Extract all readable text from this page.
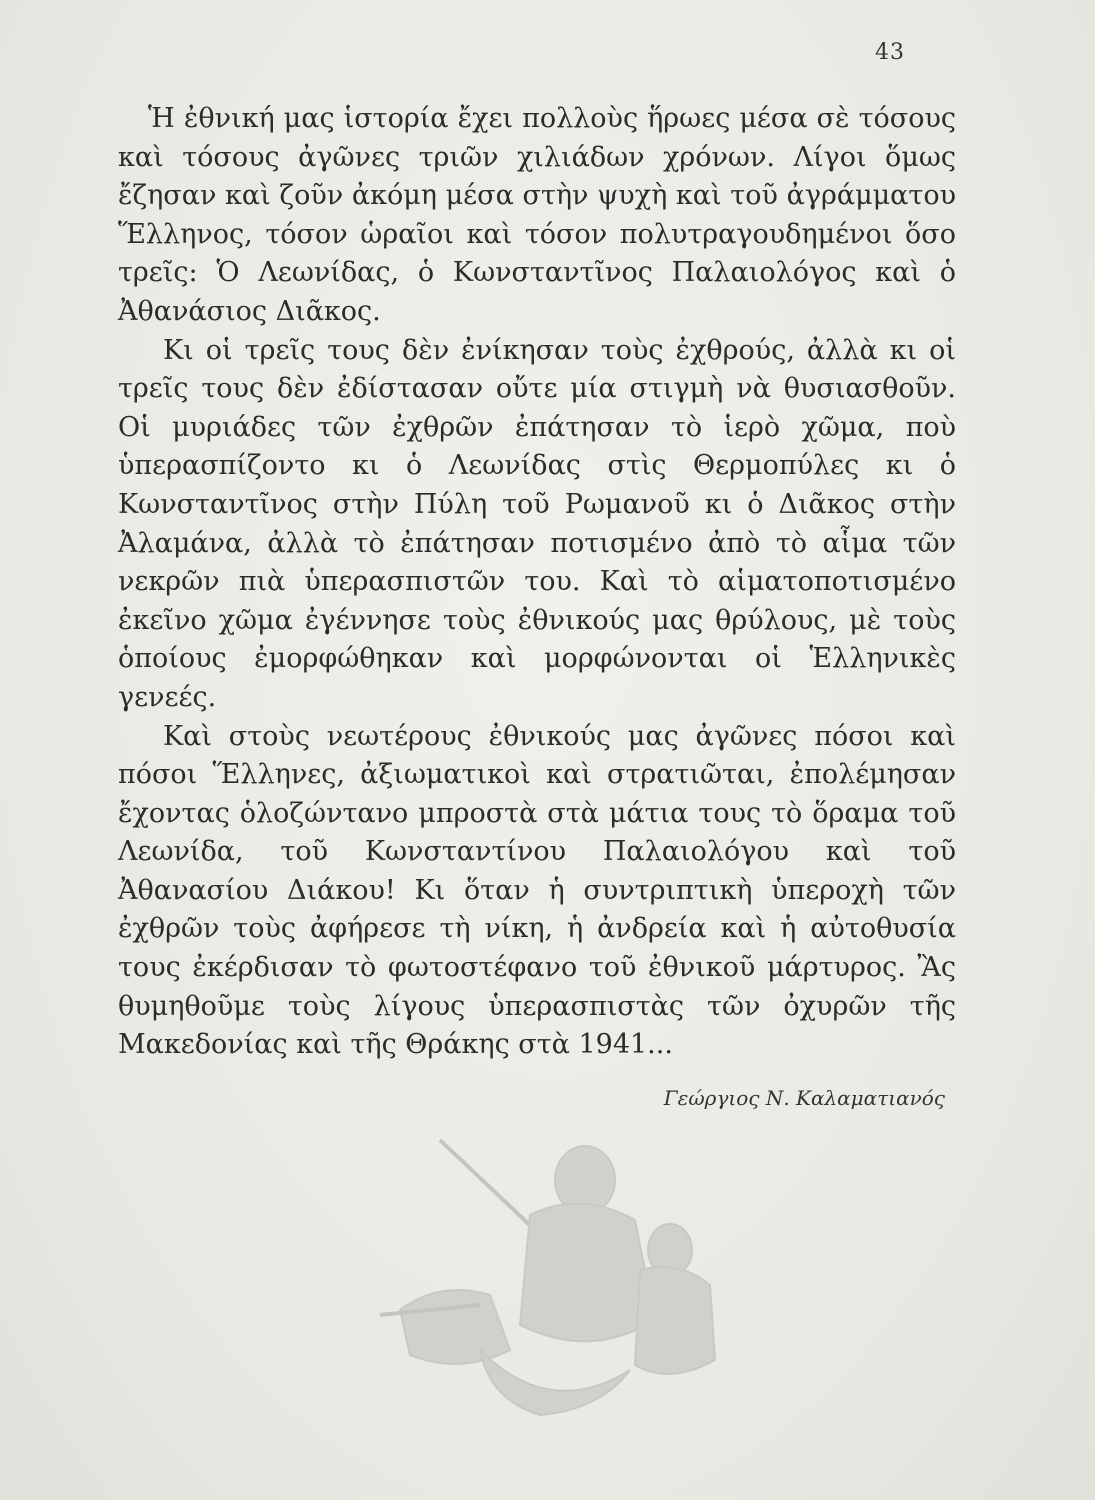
43

Ἡ ἐθνική μας ἱστορία ἔχει πολλοὺς ἥρωες μέσα σὲ τόσους καὶ τόσους ἀγῶνες τριῶν χιλιάδων χρόνων. Λίγοι ὅμως ἔζησαν καὶ ζοῦν ἀκόμη μέσα στὴν ψυχὴ καὶ τοῦ ἀγράμματου Ἕλληνος, τόσον ὡραῖοι καὶ τόσον πολυτραγουδημένοι ὅσο τρεῖς: Ὁ Λεωνίδας, ὁ Κωνσταντῖνος Παλαιολόγος καὶ ὁ Ἀθανάσιος Διᾶκος.

Κι οἱ τρεῖς τους δὲν ἐνίκησαν τοὺς ἐχθρούς, ἀλλὰ κι οἱ τρεῖς τους δὲν ἐδίστασαν οὔτε μία στιγμὴ νὰ θυσιασθοῦν. Οἱ μυριάδες τῶν ἐχθρῶν ἐπάτησαν τὸ ἱερὸ χῶμα, ποὺ ὑπερασπίζοντο κι ὁ Λεωνίδας στὶς Θερμοπύλες κι ὁ Κωνσταντῖνος στὴν Πύλη τοῦ Ρωμανοῦ κι ὁ Διᾶκος στὴν Ἀλαμάνα, ἀλλὰ τὸ ἐπάτησαν ποτισμένο ἀπὸ τὸ αἷμα τῶν νεκρῶν πιὰ ὑπερασπιστῶν του. Καὶ τὸ αἱματοποτισμένο ἐκεῖνο χῶμα ἐγέννησε τοὺς ἐθνικούς μας θρύλους, μὲ τοὺς ὁποίους ἐμορφώθηκαν καὶ μορφώνονται οἱ Ἑλληνικὲς γενεές.

Καὶ στοὺς νεωτέρους ἐθνικούς μας ἀγῶνες πόσοι καὶ πόσοι Ἕλληνες, ἀξιωματικοὶ καὶ στρατιῶται, ἐπολέμησαν ἔχοντας ὁλοζώντανο μπροστὰ στὰ μάτια τους τὸ ὅραμα τοῦ Λεωνίδα, τοῦ Κωνσταντίνου Παλαιολόγου καὶ τοῦ Ἀθανασίου Διάκου! Κι ὅταν ἡ συντριπτικὴ ὑπεροχὴ τῶν ἐχθρῶν τοὺς ἀφήρεσε τὴ νίκη, ἡ ἀνδρεία καὶ ἡ αὐτοθυσία τους ἐκέρδισαν τὸ φωτοστέφανο τοῦ ἐθνικοῦ μάρτυρος. Ἂς θυμηθοῦμε τοὺς λίγους ὑπερασπιστὰς τῶν ὀχυρῶν τῆς Μακεδονίας καὶ τῆς Θράκης στὰ 1941...

Γεώργιος Ν. Καλαματιανός
